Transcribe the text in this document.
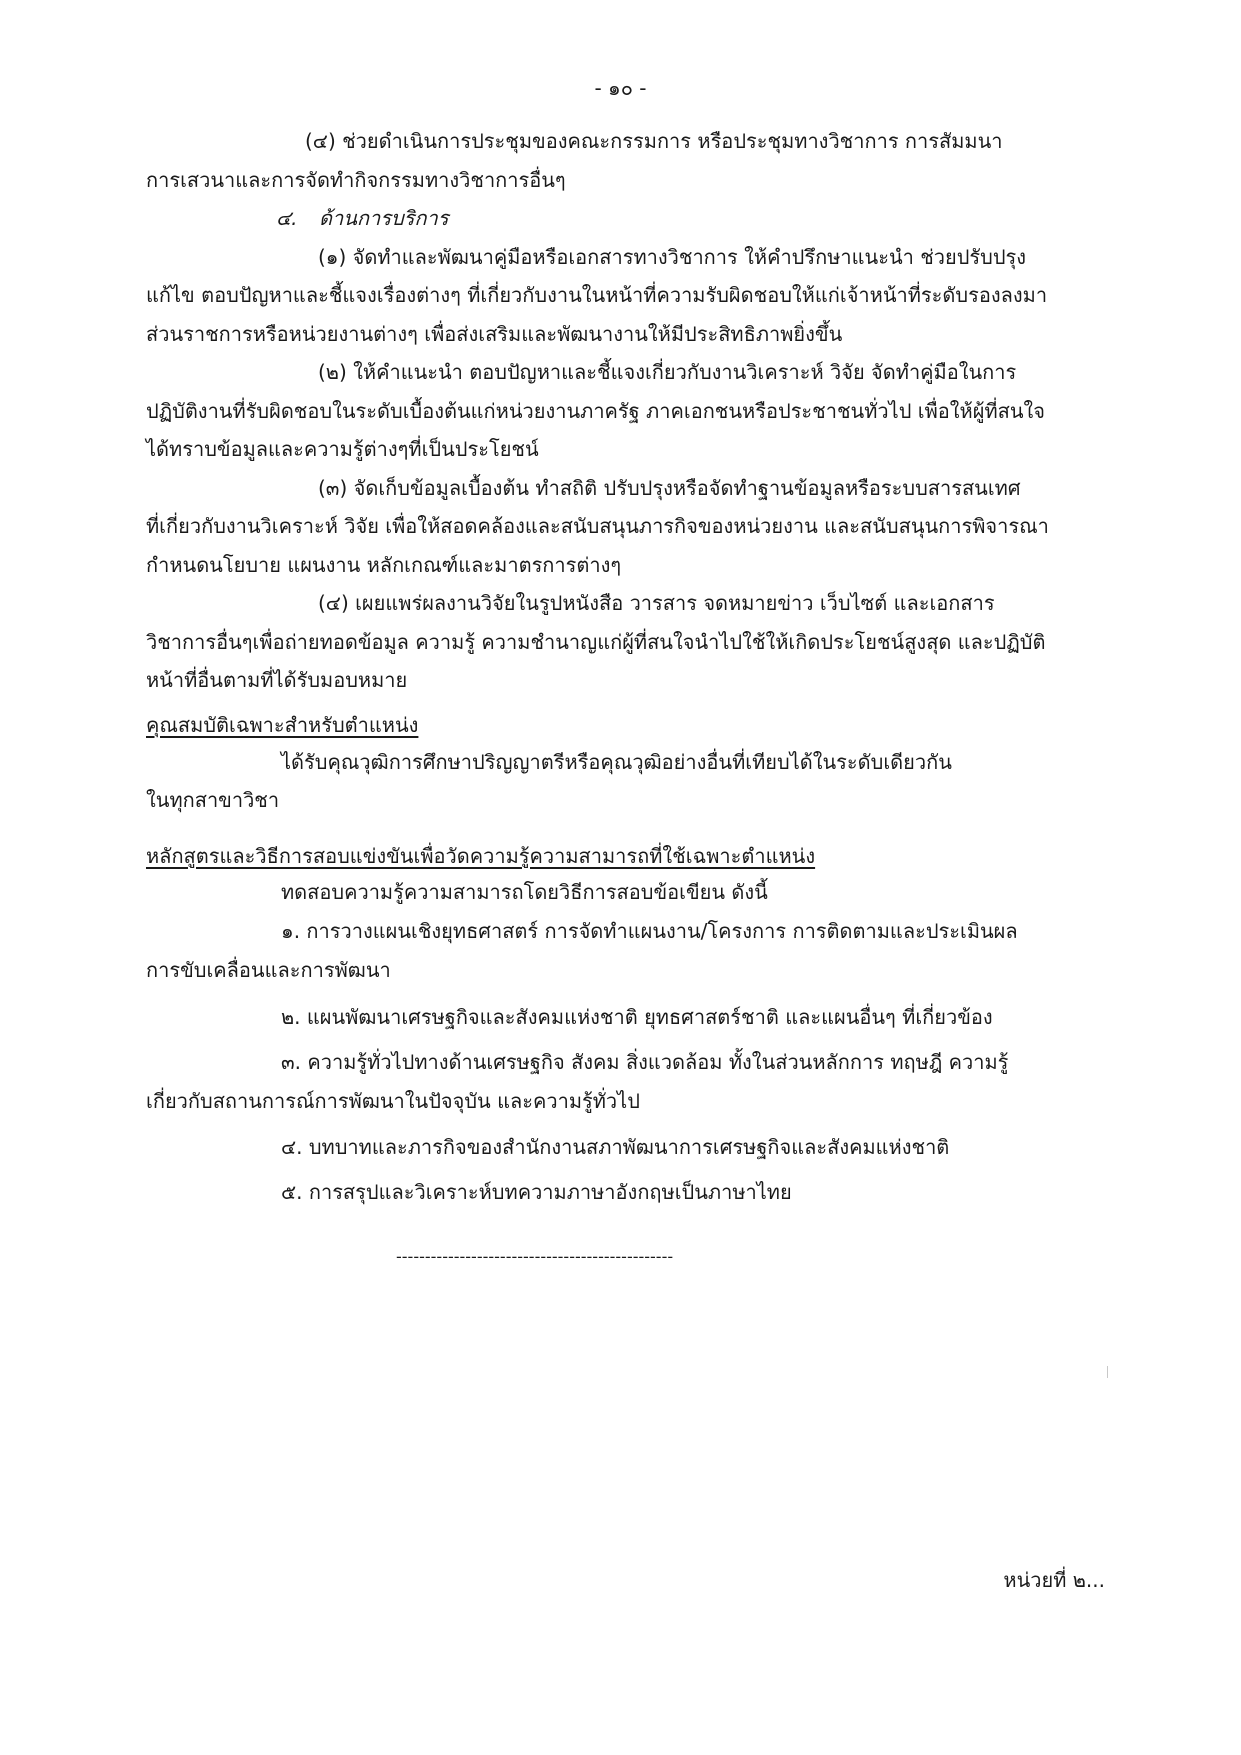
- ๑๐ -
(๔) ช่วยดำเนินการประชุมของคณะกรรมการ หรือประชุมทางวิชาการ การสัมมนา
การเสวนาและการจัดทำกิจกรรมทางวิชาการอื่นๆ
๔. ด้านการบริการ
(๑) จัดทำและพัฒนาคู่มือหรือเอกสารทางวิชาการ ให้คำปรึกษาแนะนำ ช่วยปรับปรุง
แก้ไข ตอบปัญหาและชี้แจงเรื่องต่างๆ ที่เกี่ยวกับงานในหน้าที่ความรับผิดชอบให้แก่เจ้าหน้าที่ระดับรองลงมา
ส่วนราชการหรือหน่วยงานต่างๆ เพื่อส่งเสริมและพัฒนางานให้มีประสิทธิภาพยิ่งขึ้น
(๒) ให้คำแนะนำ ตอบปัญหาและชี้แจงเกี่ยวกับงานวิเคราะห์ วิจัย จัดทำคู่มือในการ
ปฏิบัติงานที่รับผิดชอบในระดับเบื้องต้นแก่หน่วยงานภาครัฐ ภาคเอกชนหรือประชาชนทั่วไป เพื่อให้ผู้ที่สนใจ
ได้ทราบข้อมูลและความรู้ต่างๆที่เป็นประโยชน์
(๓) จัดเก็บข้อมูลเบื้องต้น ทำสถิติ ปรับปรุงหรือจัดทำฐานข้อมูลหรือระบบสารสนเทศ
ที่เกี่ยวกับงานวิเคราะห์ วิจัย เพื่อให้สอดคล้องและสนับสนุนภารกิจของหน่วยงาน และสนับสนุนการพิจารณา
กำหนดนโยบาย แผนงาน หลักเกณฑ์และมาตรการต่างๆ
(๔) เผยแพร่ผลงานวิจัยในรูปหนังสือ วารสาร จดหมายข่าว เว็บไซต์ และเอกสาร
วิชาการอื่นๆเพื่อถ่ายทอดข้อมูล ความรู้ ความชำนาญแก่ผู้ที่สนใจนำไปใช้ให้เกิดประโยชน์สูงสุด และปฏิบัติ
หน้าที่อื่นตามที่ได้รับมอบหมาย
คุณสมบัติเฉพาะสำหรับตำแหน่ง
ได้รับคุณวุฒิการศึกษาปริญญาตรีหรือคุณวุฒิอย่างอื่นที่เทียบได้ในระดับเดียวกัน
ในทุกสาขาวิชา
หลักสูตรและวิธีการสอบแข่งขันเพื่อวัดความรู้ความสามารถที่ใช้เฉพาะตำแหน่ง
ทดสอบความรู้ความสามารถโดยวิธีการสอบข้อเขียน ดังนี้
๑. การวางแผนเชิงยุทธศาสตร์ การจัดทำแผนงาน/โครงการ การติดตามและประเมินผล
การขับเคลื่อนและการพัฒนา
๒. แผนพัฒนาเศรษฐกิจและสังคมแห่งชาติ ยุทธศาสตร์ชาติ และแผนอื่นๆ ที่เกี่ยวข้อง
๓. ความรู้ทั่วไปทางด้านเศรษฐกิจ สังคม สิ่งแวดล้อม ทั้งในส่วนหลักการ ทฤษฎี ความรู้
เกี่ยวกับสถานการณ์การพัฒนาในปัจจุบัน และความรู้ทั่วไป
๔. บทบาทและภารกิจของสำนักงานสภาพัฒนาการเศรษฐกิจและสังคมแห่งชาติ
๕. การสรุปและวิเคราะห์บทความภาษาอังกฤษเป็นภาษาไทย
------------------------------------------------
หน่วยที่ ๒...
